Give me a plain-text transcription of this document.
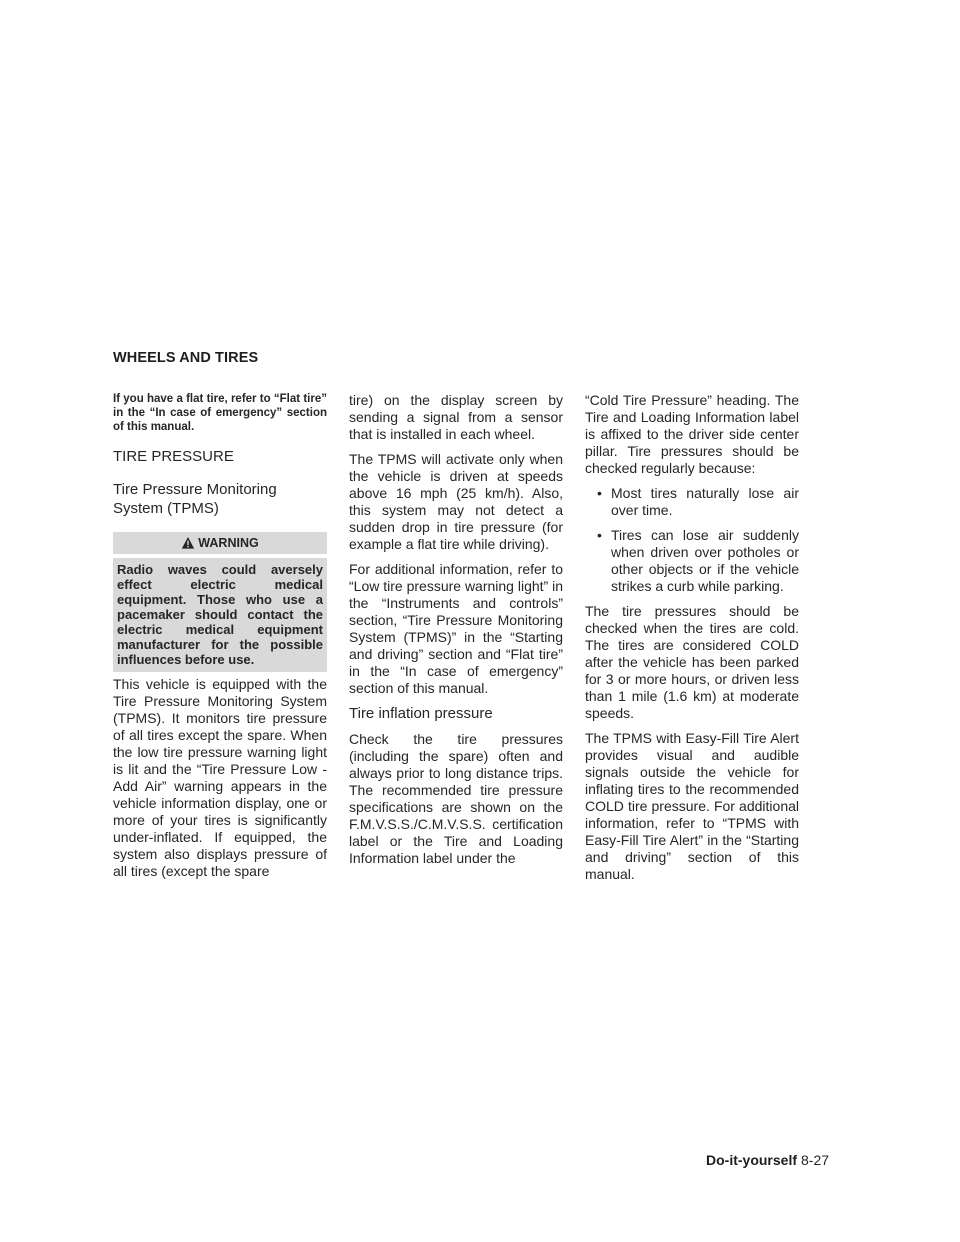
WHEELS AND TIRES

If you have a flat tire, refer to “Flat tire” in the “In case of emergency” section of this manual.

TIRE PRESSURE
Tire Pressure Monitoring System (TPMS)
WARNING
Radio waves could aversely effect electric medical equipment. Those who use a pacemaker should contact the electric medical equipment manufacturer for the possible influences before use.

This vehicle is equipped with the Tire Pressure Monitoring System (TPMS). It monitors tire pressure of all tires except the spare. When the low tire pressure warning light is lit and the “Tire Pressure Low - Add Air” warning appears in the vehicle information display, one or more of your tires is significantly under-inflated. If equipped, the system also displays pressure of all tires (except the spare

tire) on the display screen by sending a signal from a sensor that is installed in each wheel.

The TPMS will activate only when the vehicle is driven at speeds above 16 mph (25 km/h). Also, this system may not detect a sudden drop in tire pressure (for example a flat tire while driving).

For additional information, refer to “Low tire pressure warning light” in the “Instruments and controls” section, “Tire Pressure Monitoring System (TPMS)” in the “Starting and driving” section and “Flat tire” in the “In case of emergency” section of this manual.

Tire inflation pressure

Check the tire pressures (including the spare) often and always prior to long distance trips. The recommended tire pressure specifications are shown on the F.M.V.S.S./C.M.V.S.S. certification label or the Tire and Loading Information label under the

“Cold Tire Pressure” heading. The Tire and Loading Information label is affixed to the driver side center pillar. Tire pressures should be checked regularly because:

• Most tires naturally lose air over time.
• Tires can lose air suddenly when driven over potholes or other objects or if the vehicle strikes a curb while parking.

The tire pressures should be checked when the tires are cold. The tires are considered COLD after the vehicle has been parked for 3 or more hours, or driven less than 1 mile (1.6 km) at moderate speeds.

The TPMS with Easy-Fill Tire Alert provides visual and audible signals outside the vehicle for inflating tires to the recommended COLD tire pressure. For additional information, refer to “TPMS with Easy-Fill Tire Alert” in the “Starting and driving” section of this manual.

Do-it-yourself 8-27
